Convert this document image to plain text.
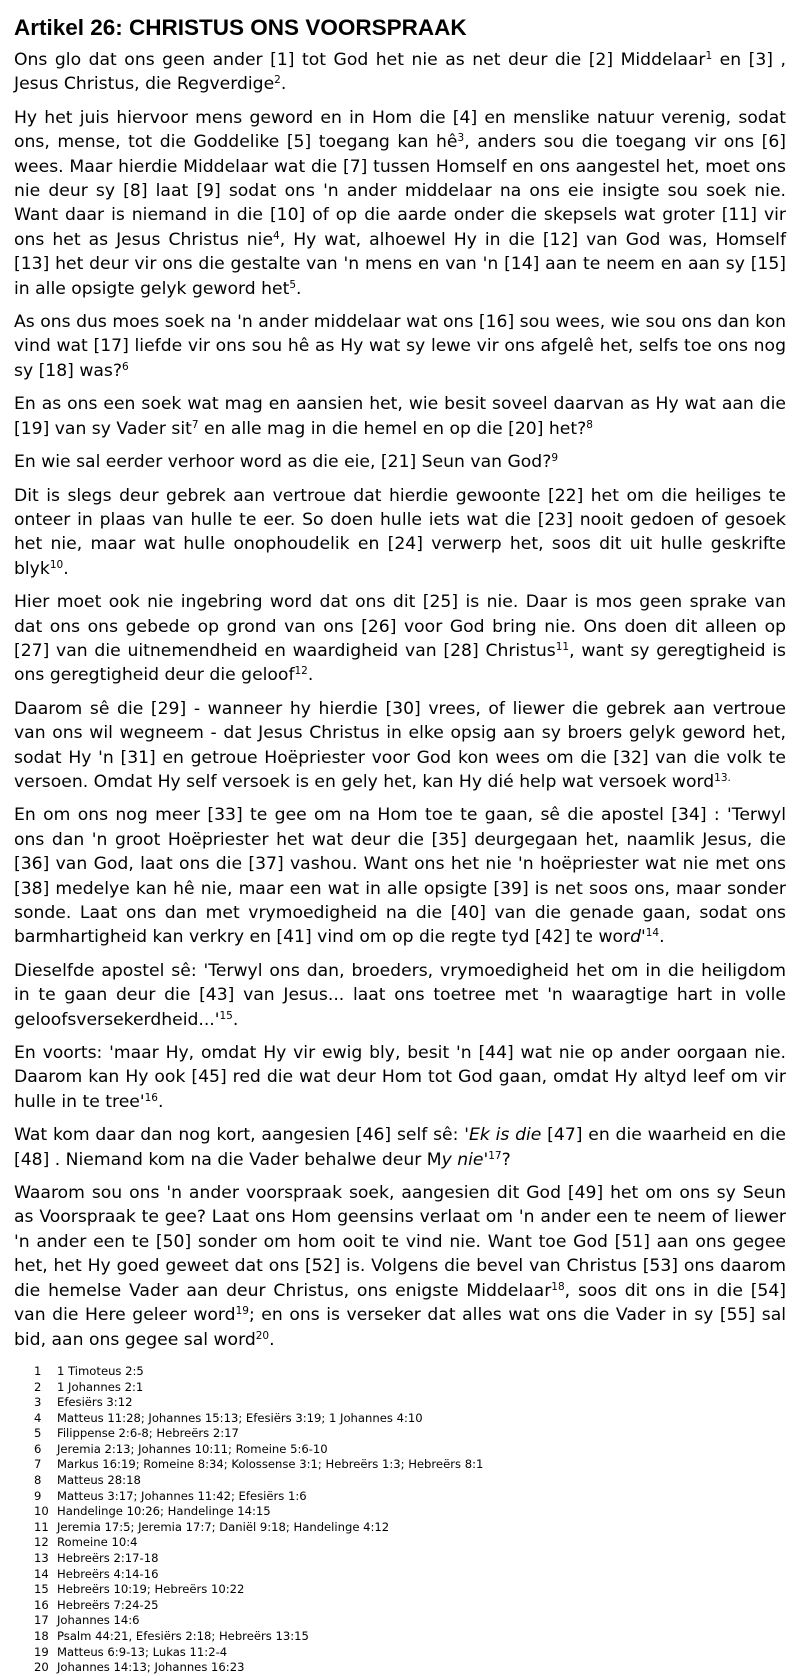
Artikel 26: CHRISTUS ONS VOORSPRAAK

Ons glo dat ons geen ander [1] tot God het nie as net deur die [2] Middelaar$^1$ en [3] , Jesus Christus, die Regverdige$^2$.

Hy het juis hiervoor mens geword en in Hom die [4] en menslike natuur verenig, sodat ons, mense, tot die Goddelike [5] toegang kan $hê^3$, anders sou die toegang vir ons [6] wees. Maar hierdie Middelaar wat die [7] tussen Homself en ons aangestel het, moet ons nie deur sy [8] laat [9] sodat ons 'n ander middelaar na ons eie insigte sou soek nie. Want daar is niemand in die [10] of op die aarde onder die skepsels wat groter [11] vir ons het as Jesus Christus nie$^4$, Hy wat, alhoewel Hy in die [12] van God was, Homself [13] het deur vir ons die gestalte van 'n mens en van 'n [14] aan te neem en aan sy [15] in alle opsigte gelyk geword het$^5$.

As ons dus moes soek na 'n ander middelaar wat ons [16] sou wees, wie sou ons dan kon vind wat [17] liefde vir ons sou hê as Hy wat sy lewe vir ons afgelê het, selfs toe ons nog sy [18] was?$^6$

En as ons een soek wat mag en aansien het, wie besit soveel daarvan as Hy wat aan die [19] van sy Vader sit$^7$ en alle mag in die hemel en op die [20] het?$^8$

En wie sal eerder verhoor word as die eie, [21] Seun van God?$^9$

Dit is slegs deur gebrek aan vertroue dat hierdie gewoonte [22] het om die heiliges te onteer in plaas van hulle te eer. So doen hulle iets wat die [23] nooit gedoen of gesoek het nie, maar wat hulle onophoudelik en [24] verwerp het, soos dit uit hulle geskrifte blyk$^{10}$.

Hier moet ook nie ingebring word dat ons dit [25] is nie. Daar is mos geen sprake van dat ons ons gebede op grond van ons [26] voor God bring nie. Ons doen dit alleen op [27] van die uitnemendheid en waardigheid van [28] Christus$^{11}$, want sy geregtigheid is ons geregtigheid deur die geloof$^{12}$.

Daarom sê die [29] - wanneer hy hierdie [30] vrees, of liewer die gebrek aan vertroue van ons wil wegneem - dat Jesus Christus in elke opsig aan sy broers gelyk geword het, sodat Hy 'n [31] en getroue Hoëpriester voor God kon wees om die [32] van die volk te versoen. Omdat Hy self versoek is en gely het, kan Hy dié help wat versoek word$^{13.}$

En om ons nog meer [33] te gee om na Hom toe te gaan, sê die apostel [34] : 'Terwyl ons dan 'n groot Hoëpriester het wat deur die [35] deurgegaan het, naamlik Jesus, die [36] van God, laat ons die [37] vashou. Want ons het nie 'n hoëpriester wat nie met ons [38] medelye kan hê nie, maar een wat in alle opsigte [39] is net soos ons, maar sonder sonde. Laat ons dan met vrymoedigheid na die [40] van die genade gaan, sodat ons barmhartigheid kan verkry en [41] vind om op die regte tyd [42] te $word'^{14}$.

Dieselfde apostel sê: 'Terwyl ons dan, broeders, vrymoedigheid het om in die heiligdom in te gaan deur die [43] van Jesus... laat ons toetree met 'n waaragtige hart in volle $geloofsversekerdheid...'^{15}$.

En voorts: 'maar Hy, omdat Hy vir ewig bly, besit 'n [44] wat nie op ander oorgaan nie. Daarom kan Hy ook [45] red die wat deur Hom tot God gaan, omdat Hy altyd leef om vir hulle in te $tree'^{16}$.

Wat kom daar dan nog kort, aangesien [46] self sê: 'Ek is die [47] en die waarheid en die [48] . Niemand kom na die Vader behalwe deur My $nie'^{17}$?

Waarom sou ons 'n ander voorspraak soek, aangesien dit God [49] het om ons sy Seun as Voorspraak te gee? Laat ons Hom geensins verlaat om 'n ander een te neem of liewer 'n ander een te [50] sonder om hom ooit te vind nie. Want toe God [51] aan ons gegee het, het Hy goed geweet dat ons [52] is. Volgens die bevel van Christus [53] ons daarom die hemelse Vader aan deur Christus, ons enigste Middelaar$^{18}$, soos dit ons in die [54] van die Here geleer word$^{19}$; en ons is verseker dat alles wat ons die Vader in sy [55] sal bid, aan ons gegee sal word$^{20}$.

1	1 Timoteus 2:5
2	1 Johannes 2:1
3	Efesiërs 3:12
4	Matteus 11:28; Johannes 15:13; Efesiërs 3:19; 1 Johannes 4:10
5	Filippense 2:6-8; Hebreërs 2:17
6	Jeremia 2:13; Johannes 10:11; Romeine 5:6-10
7	Markus 16:19; Romeine 8:34; Kolossense 3:1; Hebreërs 1:3; Hebreërs 8:1
8	Matteus 28:18
9	Matteus 3:17; Johannes 11:42; Efesiërs 1:6
10 Handelinge 10:26; Handelinge 14:15
11 Jeremia 17:5; Jeremia 17:7; Daniël 9:18; Handelinge 4:12
12 Romeine 10:4
13 Hebreërs 2:17-18
14 Hebreërs 4:14-16
15 Hebreërs 10:19; Hebreërs 10:22
16 Hebreërs 7:24-25
17 Johannes 14:6
18 Psalm 44:21, Efesiërs 2:18; Hebreërs 13:15
19 Matteus 6:9-13; Lukas 11:2-4
20 Johannes 14:13; Johannes 16:23
